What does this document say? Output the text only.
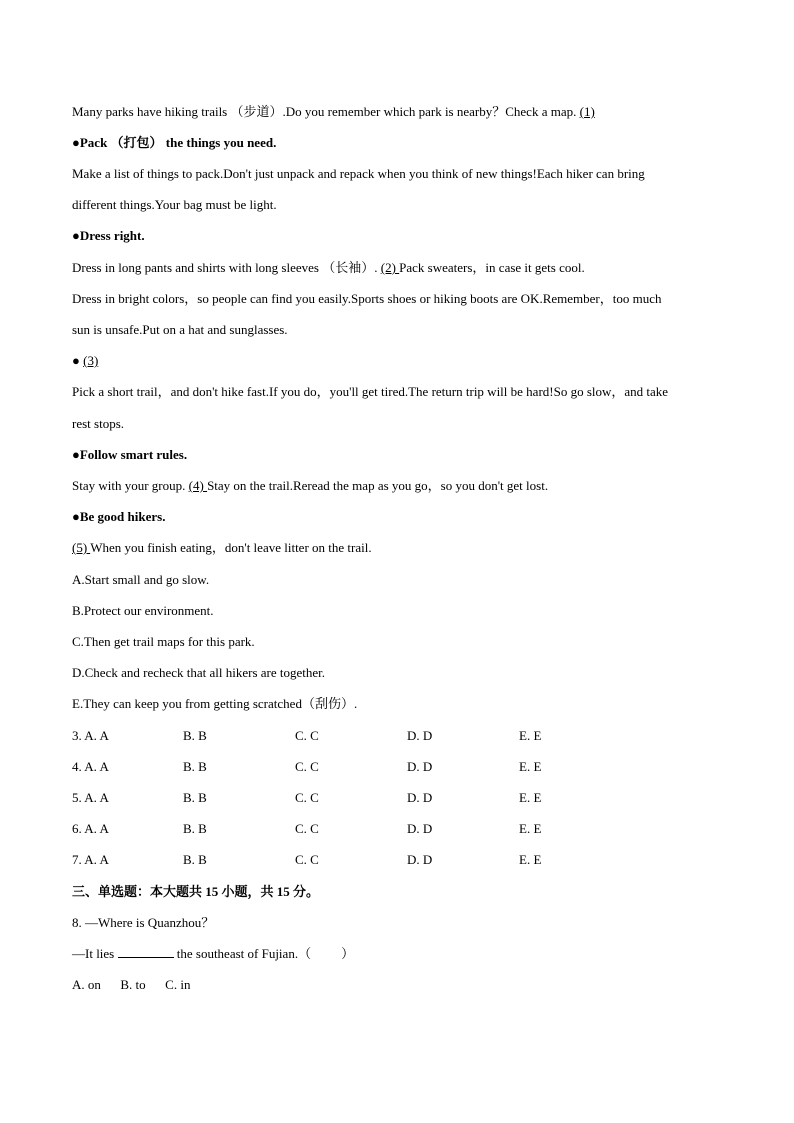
Many parks have hiking trails （步道）.Do you remember which park is nearby？Check a map. (1)
●Pack （打包） the things you need.
Make a list of things to pack.Don't just unpack and repack when you think of new things!Each hiker can bring
different things.Your bag must be light.
●Dress right.
Dress in long pants and shirts with long sleeves （长袖）. (2) Pack sweaters，in case it gets cool.
Dress in bright colors，so people can find you easily.Sports shoes or hiking boots are OK.Remember，too much
sun is unsafe.Put on a hat and sunglasses.
● (3)
Pick a short trail，and don't hike fast.If you do，you'll get tired.The return trip will be hard!So go slow，and take
rest stops.
●Follow smart rules.
Stay with your group. (4) Stay on the trail.Reread the map as you go，so you don't get lost.
●Be good hikers.
(5) When you finish eating，don't leave litter on the trail.
A.Start small and go slow.
B.Protect our environment.
C.Then get trail maps for this park.
D.Check and recheck that all hikers are together.
E.They can keep you from getting scratched（刮伤）.
3. A. A	B. B	C. C	D. D	E. E
4. A. A	B. B	C. C	D. D	E. E
5. A. A	B. B	C. C	D. D	E. E
6. A. A	B. B	C. C	D. D	E. E
7. A. A	B. B	C. C	D. D	E. E
三、单选题：本大题共 15 小题，共 15 分。
8. —Where is Quanzhou？
—It lies	the southeast of Fujian.（ ）
A. on      B. to      C. in
